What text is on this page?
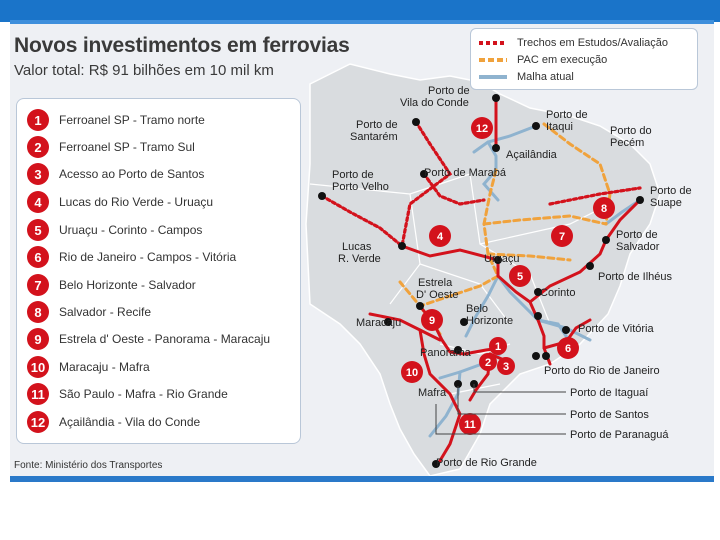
12
8
4	7
5
9
1
2 3
6
10
11
Porto de
Vila do Conde
Porto de
Itaqui	Porto do
Pecém
Porto de
Santarém
Açailândia
Porto de Marabá
Porto de
Porto Velho	Porto de
Suape
Porto de
Salvador
Lucas
R. Verde	Uruaçu
Porto de Ilhéus
Estrela
D' Oeste	Corinto
Belo
Horizonte
Maracaju	Porto de Vitória
Panorama
Porto do Rio de Janeiro
Porto de Itaguaí
Porto de Santos
Porto de Paranaguá
Mafra
Porto de Rio Grande
Novos investimentos em ferrovias
Valor total: R$ 91 bilhões em 10 mil km
Trechos em Estudos/Avaliação
PAC em execução
Malha atual
1	Ferroanel SP - Tramo norte
2	Ferroanel SP - Tramo Sul
3	Acesso ao Porto de Santos
4	Lucas do Rio Verde - Uruaçu
5	Uruaçu - Corinto - Campos
6	Rio de Janeiro - Campos - Vitória
7	Belo Horizonte - Salvador
8	Salvador - Recife
9	Estrela d' Oeste - Panorama - Maracaju
10	Maracaju - Mafra
11	São Paulo - Mafra - Rio Grande
12	Açailândia - Vila do Conde
Fonte: Ministério dos Transportes
